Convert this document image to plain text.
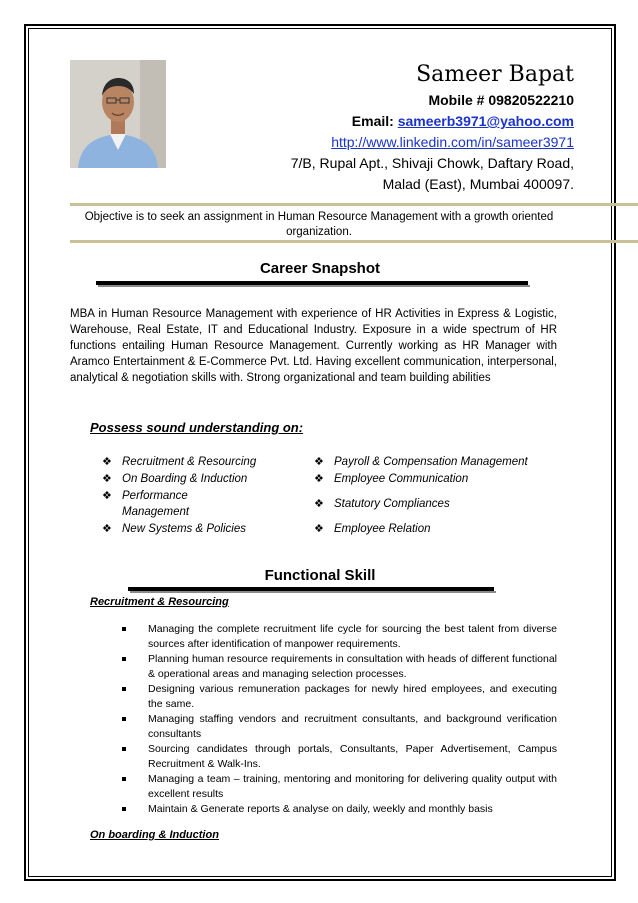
Sameer Bapat
Mobile # 09820522210
Email: sameerb3971@yahoo.com
http://www.linkedin.com/in/sameer3971
7/B, Rupal Apt., Shivaji Chowk, Daftary Road,
Malad (East), Mumbai 400097.
Objective is to seek an assignment in Human Resource Management with a growth oriented organization.
Career Snapshot
MBA in Human Resource Management with experience of HR Activities in Express & Logistic, Warehouse, Real Estate, IT and Educational Industry. Exposure in a wide spectrum of HR functions entailing Human Resource Management. Currently working as HR Manager with Aramco Entertainment & E-Commerce Pvt. Ltd. Having excellent communication, interpersonal, analytical & negotiation skills with. Strong organizational and team building abilities
Possess sound understanding on:
❖ Recruitment & Resourcing
❖ On Boarding & Induction
❖ Performance Management
❖ New Systems & Policies
❖ Payroll & Compensation Management
❖ Employee Communication
❖ Statutory Compliances
❖ Employee Relation
Functional Skill
Recruitment & Resourcing
Managing the complete recruitment life cycle for sourcing the best talent from diverse sources after identification of manpower requirements.
Planning human resource requirements in consultation with heads of different functional & operational areas and managing selection processes.
Designing various remuneration packages for newly hired employees, and executing the same.
Managing staffing vendors and recruitment consultants, and background verification consultants
Sourcing candidates through portals, Consultants, Paper Advertisement, Campus Recruitment & Walk-Ins.
Managing a team – training, mentoring and monitoring for delivering quality output with excellent results
Maintain & Generate reports & analyse on daily, weekly and monthly basis
On boarding & Induction
